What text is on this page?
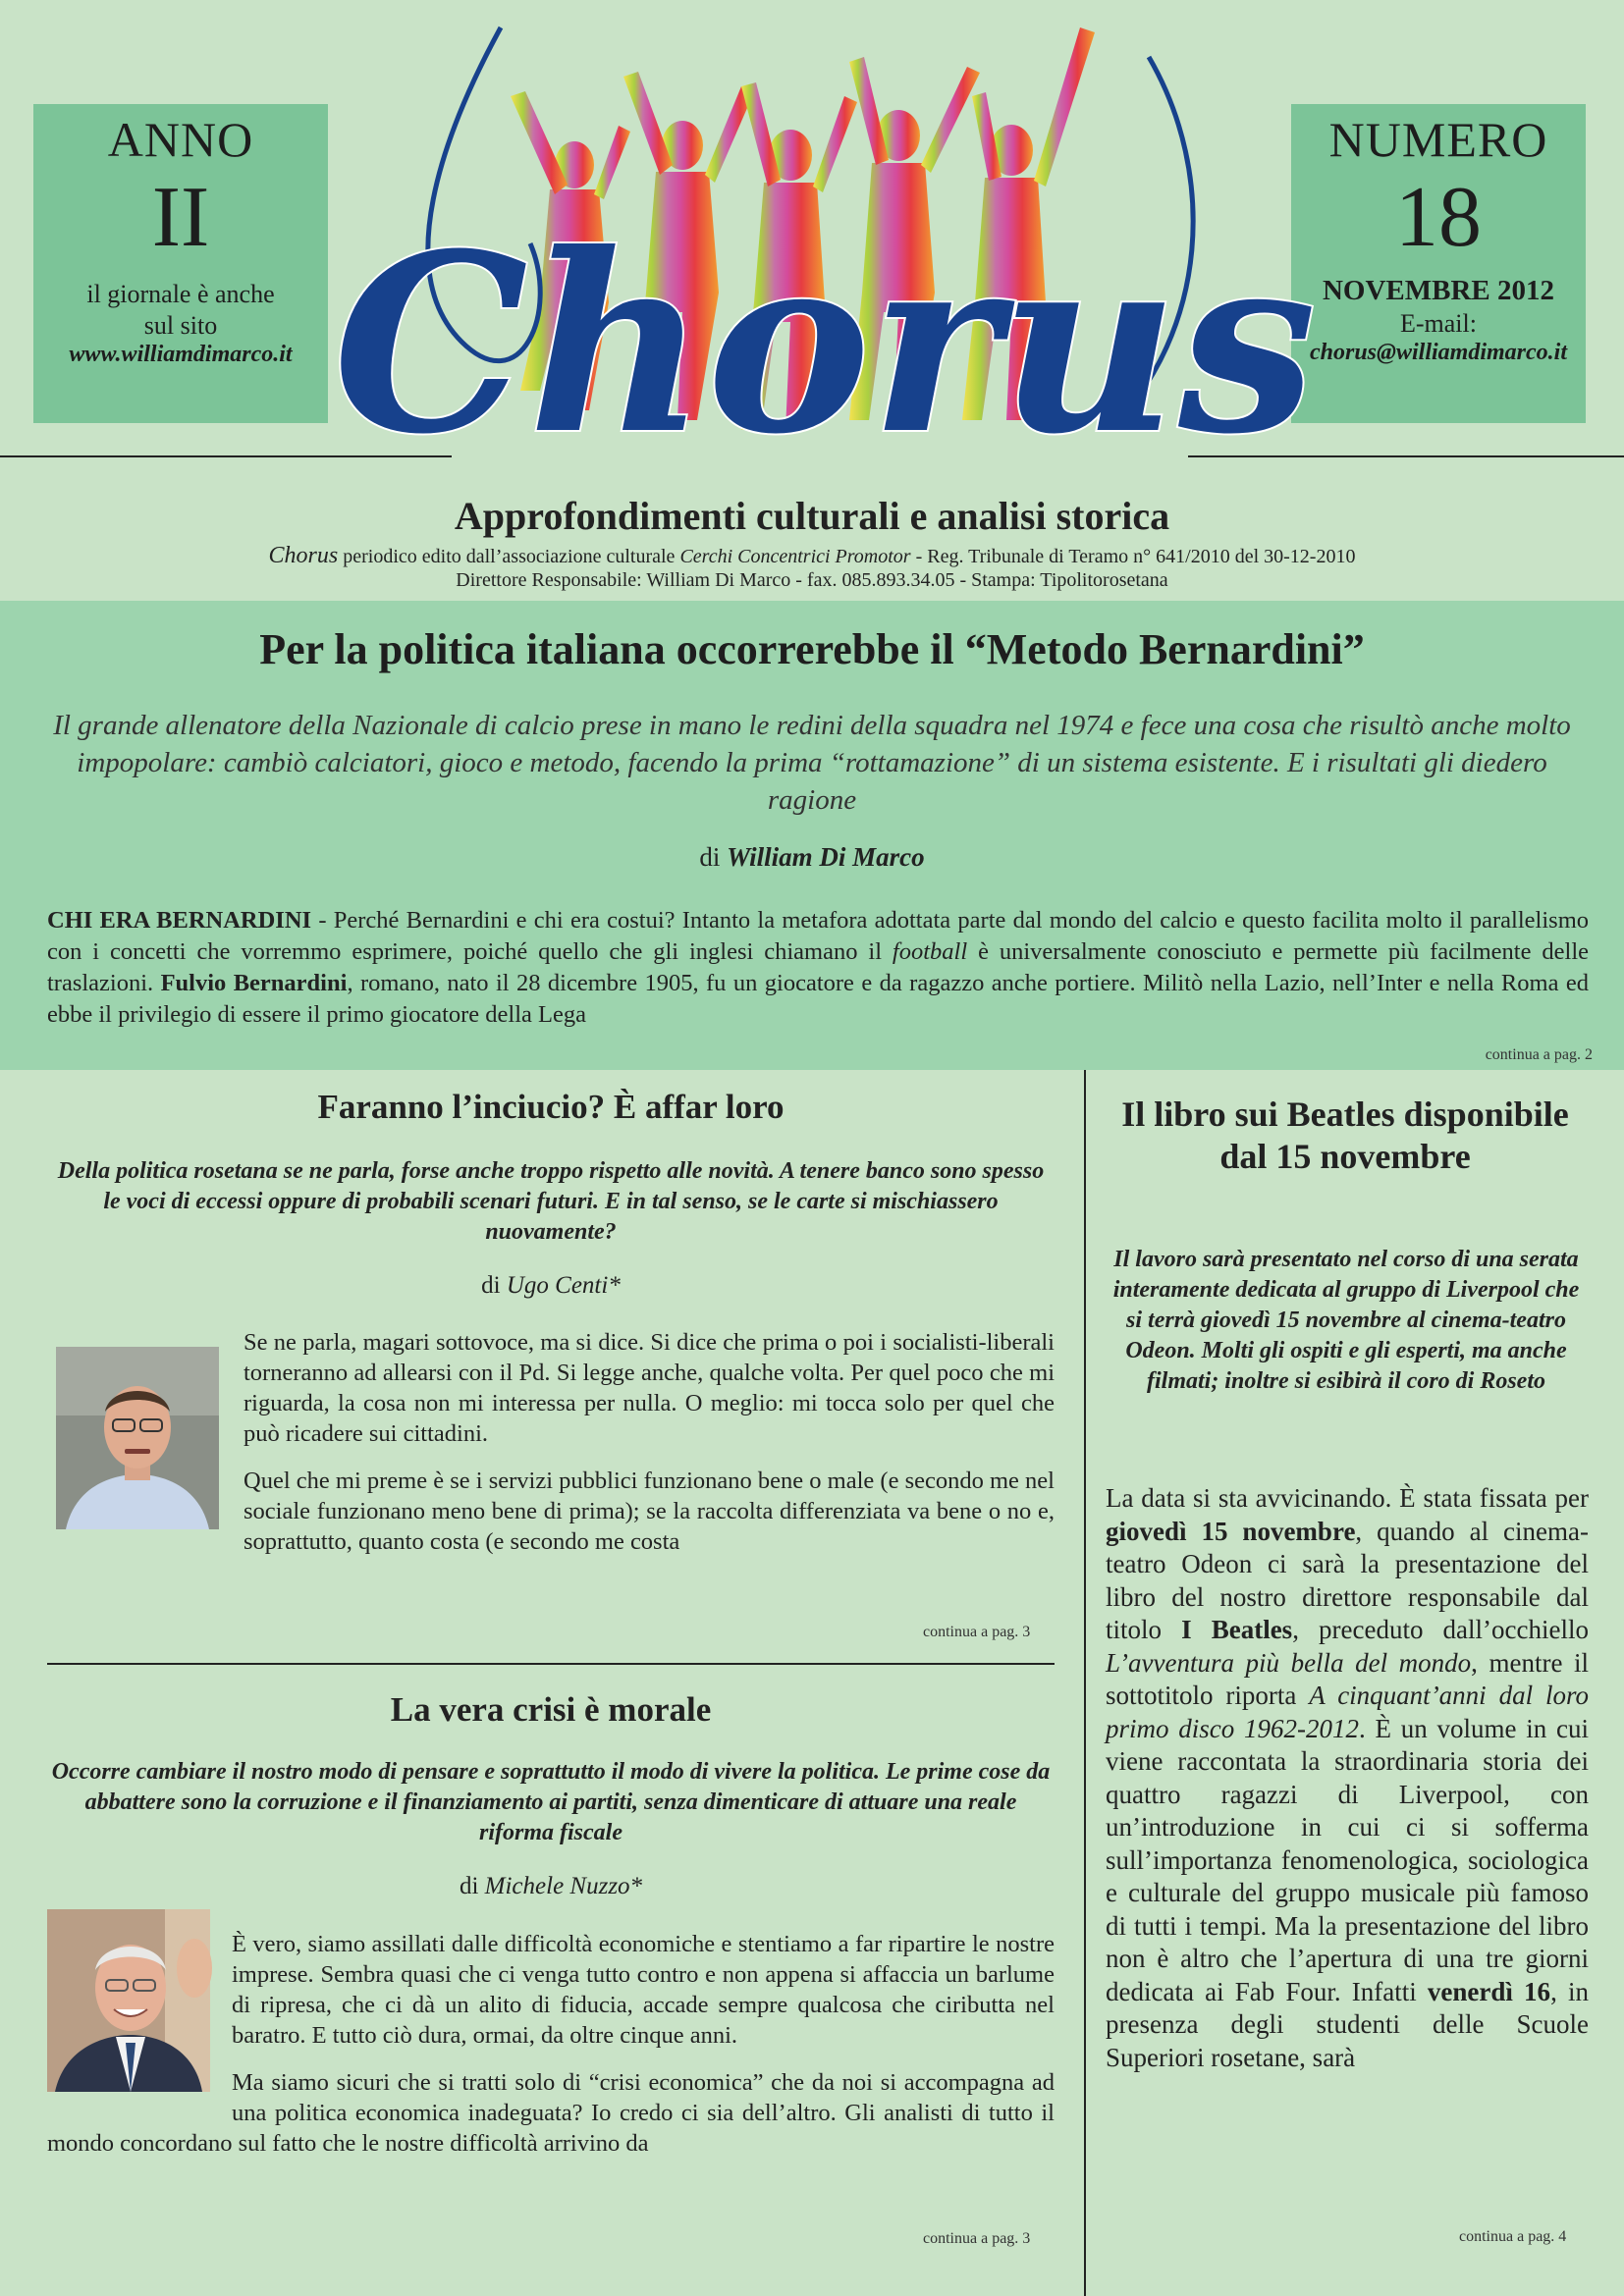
ANNO
II
il giornale è anche
sul sito
www.williamdimarco.it
NUMERO
18
NOVEMBRE 2012
E-mail:
chorus@williamdimarco.it
Chorus
Approfondimenti culturali e analisi storica
Chorus periodico edito dall’associazione culturale Cerchi Concentrici Promotor - Reg. Tribunale di Teramo n° 641/2010 del 30-12-2010
Direttore Responsabile: William Di Marco - fax. 085.893.34.05 - Stampa: Tipolitorosetana
Per la politica italiana occorrerebbe il “Metodo Bernardini”
Il grande allenatore della Nazionale di calcio prese in mano le redini della squadra nel 1974 e fece una cosa che risultò anche molto impopolare: cambiò calciatori, gioco e metodo, facendo la prima “rottamazione” di un sistema esistente. E i risultati gli diedero ragione
di William Di Marco
CHI ERA BERNARDINI - Perché Bernardini e chi era costui? Intanto la metafora adottata parte dal mondo del calcio e questo facilita molto il parallelismo con i concetti che vorremmo esprimere, poiché quello che gli inglesi chiamano il football è universalmente conosciuto e permette più facilmente delle traslazioni. Fulvio Bernardini, romano, nato il 28 dicembre 1905, fu un giocatore e da ragazzo anche portiere. Militò nella Lazio, nell’Inter e nella Roma ed ebbe il privilegio di essere il primo giocatore della Lega
continua a pag. 2
Faranno l’inciucio? È affar loro
Della politica rosetana se ne parla, forse anche troppo rispetto alle novità. A tenere banco sono spesso le voci di eccessi oppure di probabili scenari futuri. E in tal senso, se le carte si mischiassero nuovamente?
di Ugo Centi*

Se ne parla, magari sottovoce, ma si dice. Si dice che prima o poi i socialisti-liberali torneranno ad allearsi con il Pd. Si legge anche, qualche volta. Per quel poco che mi riguarda, la cosa non mi interessa per nulla. O meglio: mi tocca solo per quel che può ricadere sui cittadini.

Quel che mi preme è se i servizi pubblici funzionano bene o male (e secondo me nel sociale funzionano meno bene di prima); se la raccolta differenziata va bene o no e, soprattutto, quanto costa (e secondo me costa

continua a pag. 3
La vera crisi è morale
Occorre cambiare il nostro modo di pensare e soprattutto il modo di vivere la politica. Le prime cose da abbattere sono la corruzione e il finanziamento ai partiti, senza dimenticare di attuare una reale riforma fiscale
di Michele Nuzzo*

È vero, siamo assillati dalle difficoltà economiche e stentiamo a far ripartire le nostre imprese. Sembra quasi che ci venga tutto contro e non appena si affaccia un barlume di ripresa, che ci dà un alito di fiducia, accade sempre qualcosa che ciributta nel baratro. E tutto ciò dura, ormai, da oltre cinque anni.

Ma siamo sicuri che si tratti solo di “crisi economica” che da noi si accompagna ad una politica economica inadeguata? Io credo ci sia dell’altro. Gli analisti di tutto il mondo concordano sul fatto che le nostre difficoltà arrivino da

continua a pag. 3
Il libro sui Beatles disponibile dal 15 novembre
Il lavoro sarà presentato nel corso di una serata interamente dedicata al gruppo di Liverpool che si terrà giovedì 15 novembre al cinema-teatro Odeon. Molti gli ospiti e gli esperti, ma anche filmati; inoltre si esibirà il coro di Roseto
La data si sta avvicinando. È stata fissata per giovedì 15 novembre, quando al cinema-teatro Odeon ci sarà la presentazione del libro del nostro direttore responsabile dal titolo I Beatles, preceduto dall’occhiello L’avventura più bella del mondo, mentre il sottotitolo riporta A cinquant’anni dal loro primo disco 1962-2012. È un volume in cui viene raccontata la straordinaria storia dei quattro ragazzi di Liverpool, con un’introduzione in cui ci si sofferma sull’importanza fenomenologica, sociologica e culturale del gruppo musicale più famoso di tutti i tempi. Ma la presentazione del libro non è altro che l’apertura di una tre giorni dedicata ai Fab Four. Infatti venerdì 16, in presenza degli studenti delle Scuole Superiori rosetane, sarà
continua a pag. 4
